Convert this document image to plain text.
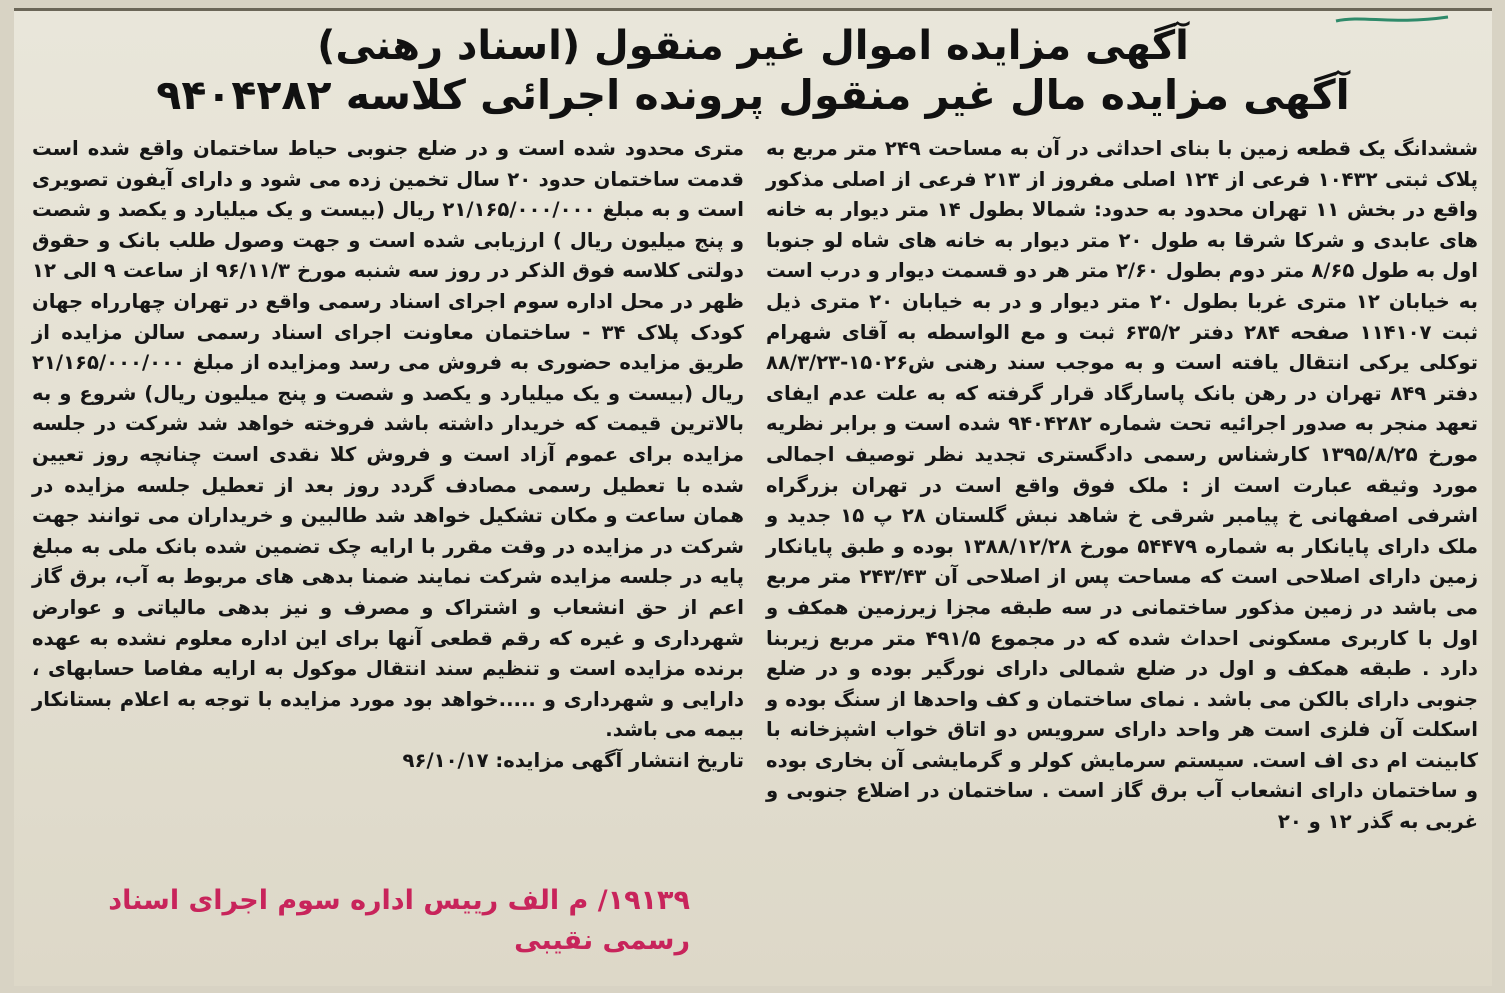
آگهی مزایده اموال غیر منقول (اسناد رهنی)
آگهی مزایده مال غیر منقول پرونده اجرائی کلاسه ۹۴۰۴۲۸۲

ششدانگ یک قطعه زمین با بنای احداثی در آن به مساحت ۲۴۹ متر مربع به پلاک ثبتی ۱۰۴۳۲ فرعی از ۱۲۴ اصلی مفروز از ۲۱۳ فرعی از اصلی مذکور واقع در بخش ۱۱ تهران محدود به حدود: شمالا بطول ۱۴ متر دیوار به خانه های عابدی و شرکا شرقا به طول ۲۰ متر دیوار به خانه های شاه لو جنوبا اول به طول ۸/۶۵ متر دوم بطول ۲/۶۰ متر هر دو قسمت دیوار و درب است به خیابان ۱۲ متری غربا بطول ۲۰ متر دیوار و در به خیابان ۲۰ متری ذیل ثبت ۱۱۴۱۰۷ صفحه ۲۸۴ دفتر ۶۳۵/۲ ثبت و مع الواسطه به آقای شهرام توکلی یرکی انتقال یافته است و به موجب سند رهنی ش۱۵۰۲۶-۸۸/۳/۲۳ دفتر ۸۴۹ تهران در رهن بانک پاسارگاد قرار گرفته که به علت عدم ایفای تعهد منجر به صدور اجرائیه تحت شماره ۹۴۰۴۲۸۲ شده است و برابر نظریه مورخ ۱۳۹۵/۸/۲۵ کارشناس رسمی دادگستری تجدید نظر توصیف اجمالی مورد وثیقه عبارت است از : ملک فوق واقع است در تهران بزرگراه اشرفی اصفهانی خ پیامبر شرقی خ شاهد نبش گلستان ۲۸ پ ۱۵ جدید و ملک دارای پایانکار به شماره ۵۴۴۷۹ مورخ ۱۳۸۸/۱۲/۲۸ بوده و طبق پایانکار زمین دارای اصلاحی است که مساحت پس از اصلاحی آن ۲۴۳/۴۳ متر مربع می باشد در زمین مذکور ساختمانی در سه طبقه مجزا زیرزمین همکف و اول با کاربری مسکونی احداث شده که در مجموع ۴۹۱/۵ متر مربع زیربنا دارد . طبقه همکف و اول در ضلع شمالی دارای نورگیر بوده و در ضلع جنوبی دارای بالکن می باشد . نمای ساختمان و کف واحدها از سنگ بوده و اسکلت آن فلزی است هر واحد دارای سرویس دو اتاق خواب اشپزخانه با کابینت ام دی اف است. سیستم سرمایش کولر و گرمایشی آن بخاری بوده و ساختمان دارای انشعاب آب برق گاز است . ساختمان در اضلاع جنوبی و غربی به گذر ۱۲ و ۲۰

متری محدود شده است و در ضلع جنوبی حیاط ساختمان واقع شده است قدمت ساختمان حدود ۲۰ سال تخمین زده می شود و دارای آیفون تصویری است و به مبلغ ۲۱/۱۶۵/۰۰۰/۰۰۰ ریال (بیست و یک میلیارد و یکصد و شصت و پنج میلیون ریال ) ارزیابی شده است و جهت وصول طلب بانک و حقوق دولتی کلاسه فوق الذکر در روز سه شنبه مورخ ۹۶/۱۱/۳ از ساعت ۹ الی ۱۲ ظهر در محل اداره سوم اجرای اسناد رسمی واقع در تهران چهارراه جهان کودک پلاک ۳۴ - ساختمان معاونت اجرای اسناد رسمی سالن مزایده از طریق مزایده حضوری به فروش می رسد ومزایده از مبلغ ۲۱/۱۶۵/۰۰۰/۰۰۰ ریال (بیست و یک میلیارد و یکصد و شصت و پنج میلیون ریال) شروع و به بالاترین قیمت که خریدار داشته باشد فروخته خواهد شد شرکت در جلسه مزایده برای عموم آزاد است و فروش کلا نقدی است چنانچه روز تعیین شده با تعطیل رسمی مصادف گردد روز بعد از تعطیل جلسه مزایده در همان ساعت و مکان تشکیل خواهد شد طالبین و خریداران می توانند جهت شرکت در مزایده در وقت مقرر با ارایه چک تضمین شده بانک ملی به مبلغ پایه در جلسه مزایده شرکت نمایند ضمنا بدهی های مربوط به آب، برق گاز اعم از حق انشعاب و اشتراک و مصرف و نیز بدهی مالیاتی و عوارض شهرداری و غیره که رقم قطعی آنها برای این اداره معلوم نشده به عهده برنده مزایده است و تنظیم سند انتقال موکول به ارایه مفاصا حسابهای ، دارایی و شهرداری و .....خواهد بود مورد مزایده با توجه به اعلام بستانکار بیمه می باشد.

تاریخ انتشار آگهی مزایده: ۹۶/۱۰/۱۷

۱۹۱۳۹/ م الف رییس اداره سوم اجرای اسناد رسمی نقیبی
